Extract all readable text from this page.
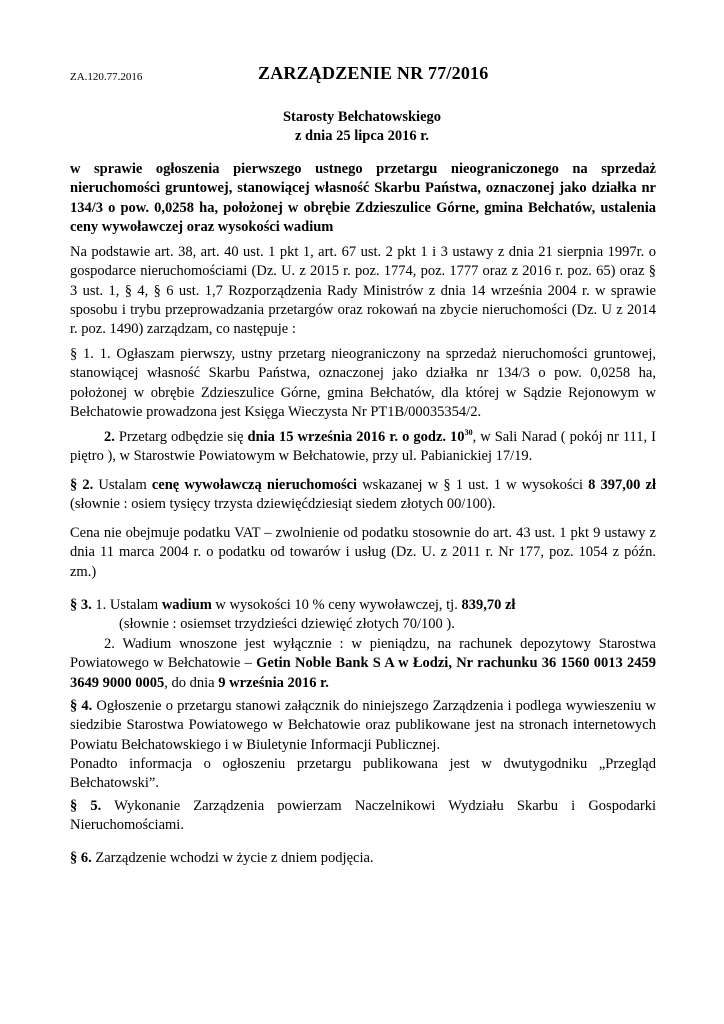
ZA.120.77.2016	ZARZĄDZENIE NR 77/2016
Starosty Bełchatowskiego
z dnia 25 lipca 2016 r.
w sprawie ogłoszenia pierwszego ustnego przetargu nieograniczonego na sprzedaż nieruchomości gruntowej, stanowiącej własność Skarbu Państwa, oznaczonej jako działka nr 134/3 o pow. 0,0258 ha, położonej w obrębie Zdzieszulice Górne, gmina Bełchatów, ustalenia ceny wywoławczej oraz wysokości wadium
Na podstawie art. 38, art. 40 ust. 1 pkt 1, art. 67 ust. 2 pkt 1 i 3 ustawy z dnia 21 sierpnia 1997r. o gospodarce nieruchomościami (Dz. U. z 2015 r. poz. 1774, poz. 1777 oraz z 2016 r. poz. 65) oraz § 3 ust. 1, § 4, § 6 ust. 1,7 Rozporządzenia Rady Ministrów z dnia 14 września 2004 r. w sprawie sposobu i trybu przeprowadzania przetargów oraz rokowań na zbycie nieruchomości (Dz. U z 2014 r. poz. 1490) zarządzam, co następuje :
§ 1. 1. Ogłaszam pierwszy, ustny przetarg nieograniczony na sprzedaż nieruchomości gruntowej, stanowiącej własność Skarbu Państwa, oznaczonej jako działka nr 134/3 o pow. 0,0258 ha, położonej w obrębie Zdzieszulice Górne, gmina Bełchatów, dla której w Sądzie Rejonowym w Bełchatowie prowadzona jest Księga Wieczysta Nr PT1B/00035354/2.
2. Przetarg odbędzie się dnia 15 września 2016 r. o godz. $10^{30}$, w Sali Narad ( pokój nr 111, I piętro ), w Starostwie Powiatowym w Bełchatowie, przy ul. Pabianickiej 17/19.
§ 2. Ustalam cenę wywoławczą nieruchomości wskazanej w § 1 ust. 1 w wysokości 8 397,00 zł (słownie : osiem tysięcy trzysta dziewięćdziesiąt siedem złotych 00/100).
Cena nie obejmuje podatku VAT – zwolnienie od podatku stosownie do art. 43 ust. 1 pkt 9 ustawy z dnia 11 marca 2004 r. o podatku od towarów i usług (Dz. U. z 2011 r. Nr 177, poz. 1054 z późn. zm.)
§ 3. 1. Ustalam wadium w wysokości 10 % ceny wywoławczej, tj. 839,70 zł
(słownie : osiemset trzydzieści dziewięć złotych 70/100 ).
2. Wadium wnoszone jest wyłącznie : w pieniądzu, na rachunek depozytowy Starostwa Powiatowego w Bełchatowie – Getin Noble Bank S A w Łodzi, Nr rachunku 36 1560 0013 2459 3649 9000 0005, do dnia 9 września 2016 r.
§ 4. Ogłoszenie o przetargu stanowi załącznik do niniejszego Zarządzenia i podlega wywieszeniu w siedzibie Starostwa Powiatowego w Bełchatowie oraz publikowane jest na stronach internetowych Powiatu Bełchatowskiego i w Biuletynie Informacji Publicznej.
Ponadto informacja o ogłoszeniu przetargu publikowana jest w dwutygodniku „Przegląd Bełchatowski”.
§ 5. Wykonanie Zarządzenia powierzam Naczelnikowi Wydziału Skarbu i Gospodarki Nieruchomościami.
§ 6. Zarządzenie wchodzi w życie z dniem podjęcia.
